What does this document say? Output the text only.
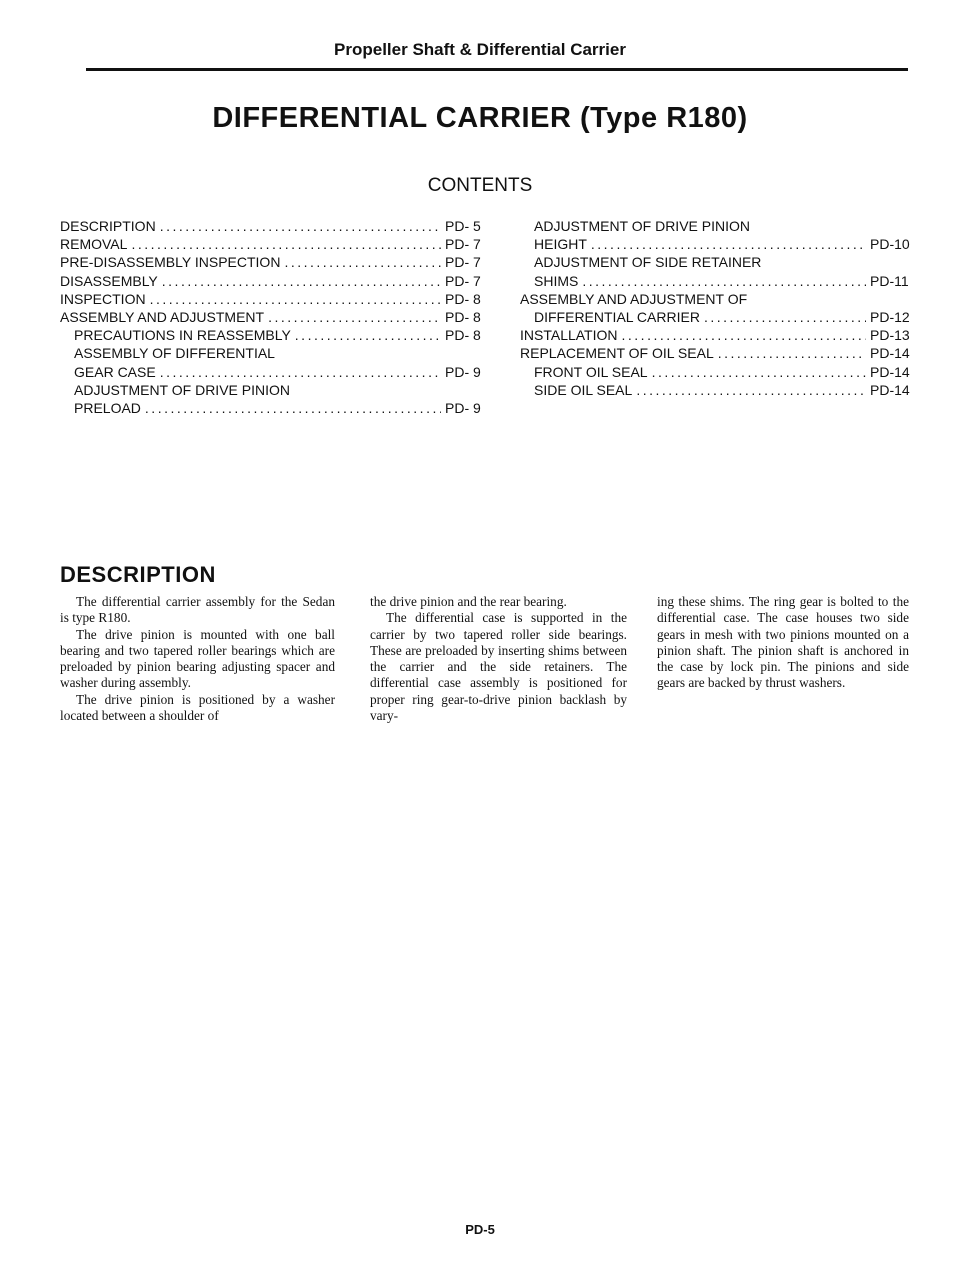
Propeller Shaft & Differential Carrier
DIFFERENTIAL CARRIER (Type R180)
CONTENTS
DESCRIPTION .....	PD- 5
REMOVAL .....	PD- 7
PRE-DISASSEMBLY INSPECTION .....	PD- 7
DISASSEMBLY .....	PD- 7
INSPECTION .....	PD- 8
ASSEMBLY AND ADJUSTMENT .....	PD- 8
PRECAUTIONS IN REASSEMBLY .....	PD- 8
ASSEMBLY OF DIFFERENTIAL
GEAR CASE .....	PD- 9
ADJUSTMENT OF DRIVE PINION
PRELOAD .....	PD- 9
ADJUSTMENT OF DRIVE PINION
HEIGHT .....	PD-10
ADJUSTMENT OF SIDE RETAINER
SHIMS .....	PD-11
ASSEMBLY AND ADJUSTMENT OF
DIFFERENTIAL CARRIER .....	PD-12
INSTALLATION .....	PD-13
REPLACEMENT OF OIL SEAL .....	PD-14
FRONT OIL SEAL .....	PD-14
SIDE OIL SEAL .....	PD-14
DESCRIPTION

The differential carrier assembly for the Sedan is type R180.

The drive pinion is mounted with one ball bearing and two tapered roller bearings which are preloaded by pinion bearing adjusting spacer and washer during assembly.

The drive pinion is positioned by a washer located between a shoulder of

the drive pinion and the rear bearing.

The differential case is supported in the carrier by two tapered roller side bearings. These are preloaded by inserting shims between the carrier and the side retainers. The differential case assembly is positioned for proper ring gear-to-drive pinion backlash by vary-

ing these shims. The ring gear is bolted to the differential case. The case houses two side gears in mesh with two pinions mounted on a pinion shaft. The pinion shaft is anchored in the case by lock pin. The pinions and side gears are backed by thrust washers.

PD-5
